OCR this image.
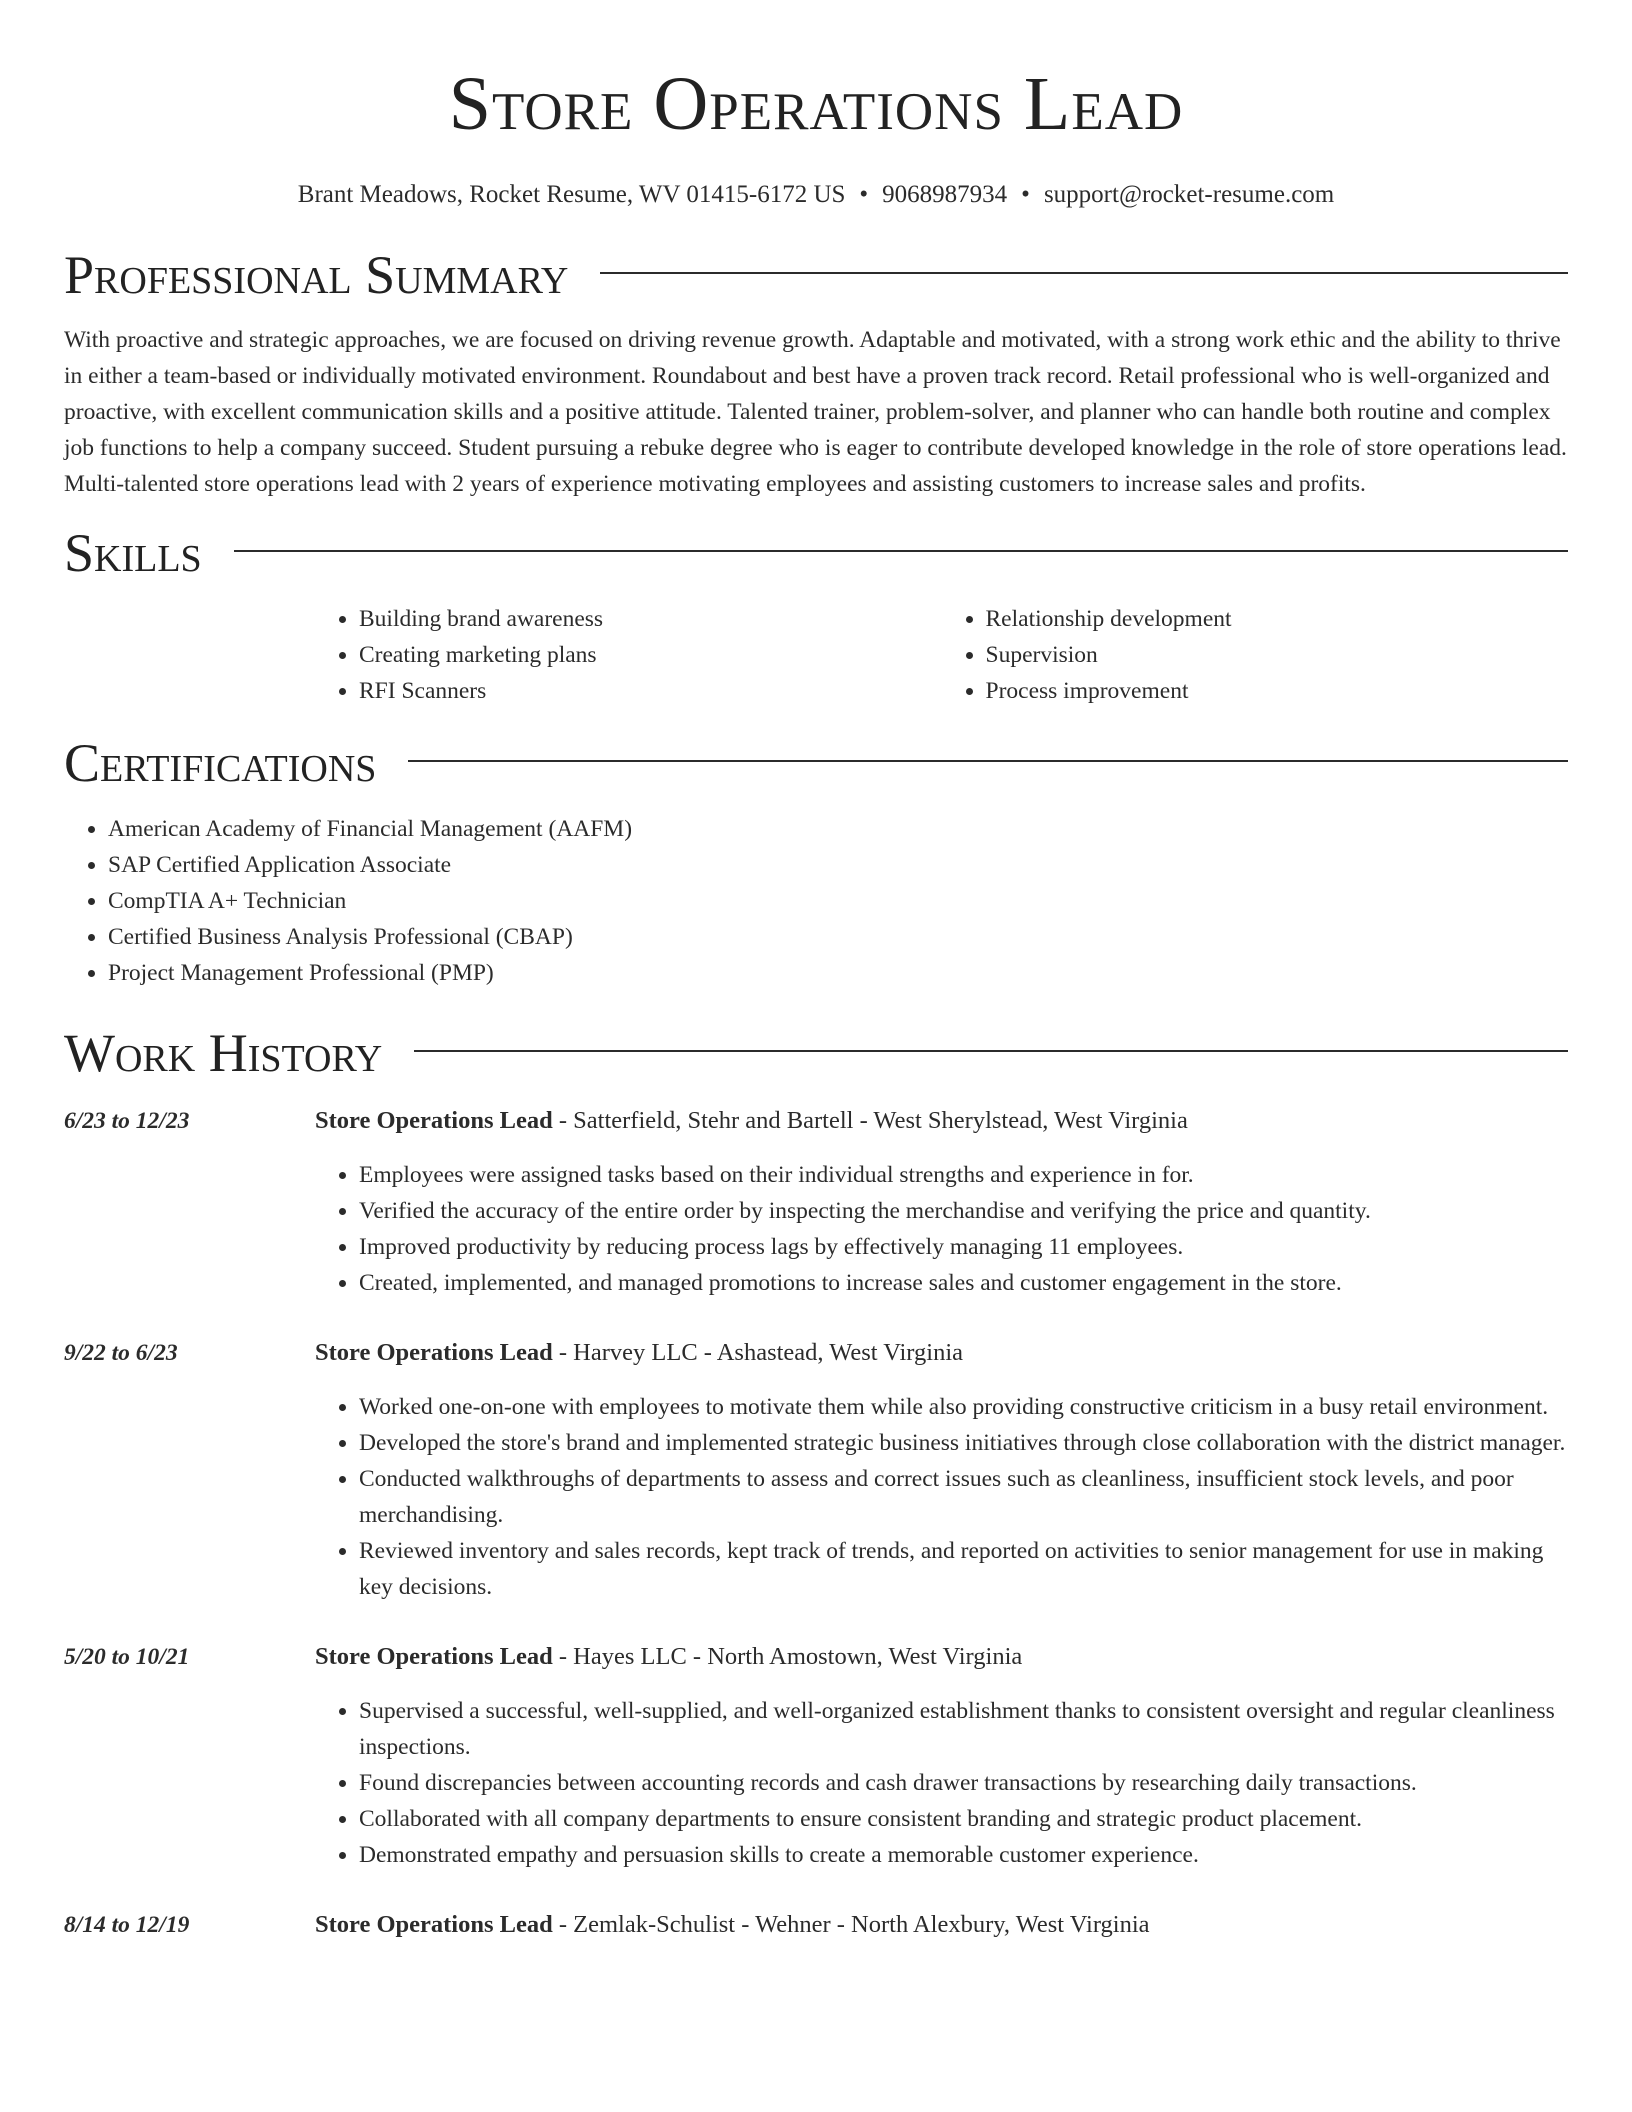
Store Operations Lead
Brant Meadows, Rocket Resume, WV 01415-6172 US • 9068987934 • support@rocket-resume.com
Professional Summary

With proactive and strategic approaches, we are focused on driving revenue growth. Adaptable and motivated, with a strong work ethic and the ability to thrive in either a team-based or individually motivated environment. Roundabout and best have a proven track record. Retail professional who is well-organized and proactive, with excellent communication skills and a positive attitude. Talented trainer, problem-solver, and planner who can handle both routine and complex job functions to help a company succeed. Student pursuing a rebuke degree who is eager to contribute developed knowledge in the role of store operations lead. Multi-talented store operations lead with 2 years of experience motivating employees and assisting customers to increase sales and profits.

Skills
• Building brand awareness
• Creating marketing plans
• RFI Scanners
• Relationship development
• Supervision
• Process improvement
Certifications
• American Academy of Financial Management (AAFM)
• SAP Certified Application Associate
• CompTIA A+ Technician
• Certified Business Analysis Professional (CBAP)
• Project Management Professional (PMP)
Work History
6/23 to 12/23	Store Operations Lead - Satterfield, Stehr and Bartell - West Sherylstead, West Virginia
• Employees were assigned tasks based on their individual strengths and experience in for.
• Verified the accuracy of the entire order by inspecting the merchandise and verifying the price and quantity.
• Improved productivity by reducing process lags by effectively managing 11 employees.
• Created, implemented, and managed promotions to increase sales and customer engagement in the store.
9/22 to 6/23	Store Operations Lead - Harvey LLC - Ashastead, West Virginia
• Worked one-on-one with employees to motivate them while also providing constructive criticism in a busy retail environment.
• Developed the store's brand and implemented strategic business initiatives through close collaboration with the district manager.
• Conducted walkthroughs of departments to assess and correct issues such as cleanliness, insufficient stock levels, and poor merchandising.
• Reviewed inventory and sales records, kept track of trends, and reported on activities to senior management for use in making key decisions.
5/20 to 10/21	Store Operations Lead - Hayes LLC - North Amostown, West Virginia
• Supervised a successful, well-supplied, and well-organized establishment thanks to consistent oversight and regular cleanliness inspections.
• Found discrepancies between accounting records and cash drawer transactions by researching daily transactions.
• Collaborated with all company departments to ensure consistent branding and strategic product placement.
• Demonstrated empathy and persuasion skills to create a memorable customer experience.
8/14 to 12/19	Store Operations Lead - Zemlak-Schulist - Wehner - North Alexbury, West Virginia
